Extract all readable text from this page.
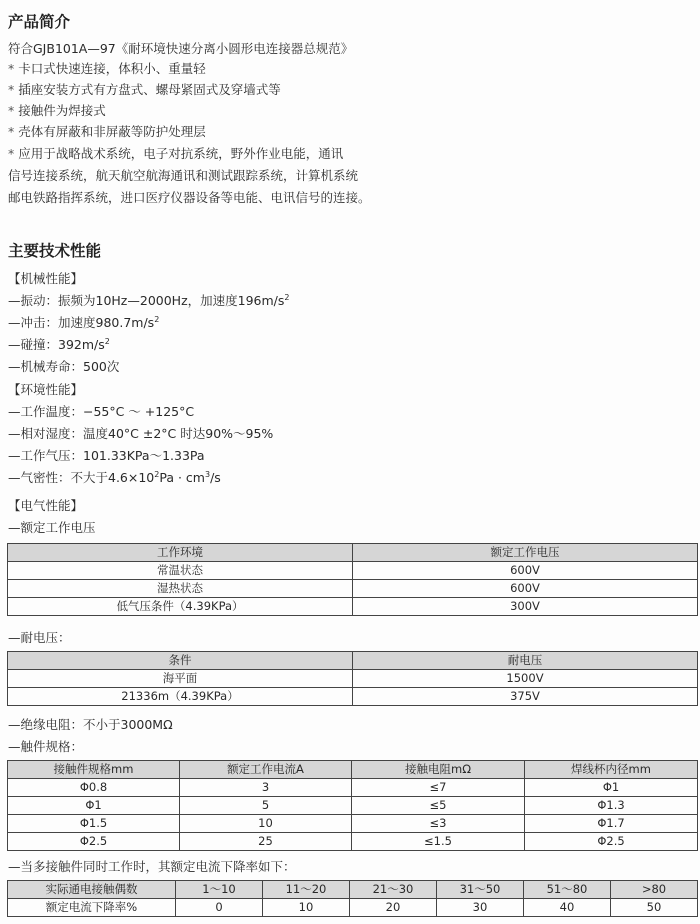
产品简介
符合GJB101A—97《耐环境快速分离小圆形电连接器总规范》
* 卡口式快速连接，体积小、重量轻
* 插座安装方式有方盘式、螺母紧固式及穿墙式等
* 接触件为焊接式
* 壳体有屏蔽和非屏蔽等防护处理层
* 应用于战略战术系统，电子对抗系统，野外作业电能，通讯
信号连接系统，航天航空航海通讯和测试跟踪系统，计算机系统
邮电铁路指挥系统，进口医疗仪器设备等电能、电讯信号的连接。
主要技术性能
【机械性能】
—振动：振频为10Hz—2000Hz，加速度$196m/s^2$
—冲击：加速度$980.7m/s^2$
—碰撞：$392m/s^2$
—机械寿命：500次
【环境性能】
—工作温度：−55°C ～ +125°C
—相对湿度：温度40°C ±2°C 时达90%～95%
—工作气压：101.33KPa～1.33Pa
—气密性：不大于$4.6\times 10^2Pa \cdot cm^3/s$
【电气性能】
—额定工作电压
工作环境	额定工作电压
常温状态	600V
湿热状态	600V
低气压条件（4.39KPa）	300V
—耐电压：
条件	耐电压
海平面	1500V
21336m（4.39KPa）	375V
—绝缘电阻：不小于3000MΩ
—触件规格：
接触件规格mm	额定工作电流A	接触电阻mΩ	焊线杯内径mm
Φ0.8	3	≤7	Φ1
Φ1	5	≤5	Φ1.3
Φ1.5	10	≤3	Φ1.7
Φ2.5	25	≤1.5	Φ2.5
—当多接触件同时工作时，其额定电流下降率如下：
实际通电接触偶数	1～10	11～20	21～30	31～50	51～80	>80
额定电流下降率%	0	10	20	30	40	50
